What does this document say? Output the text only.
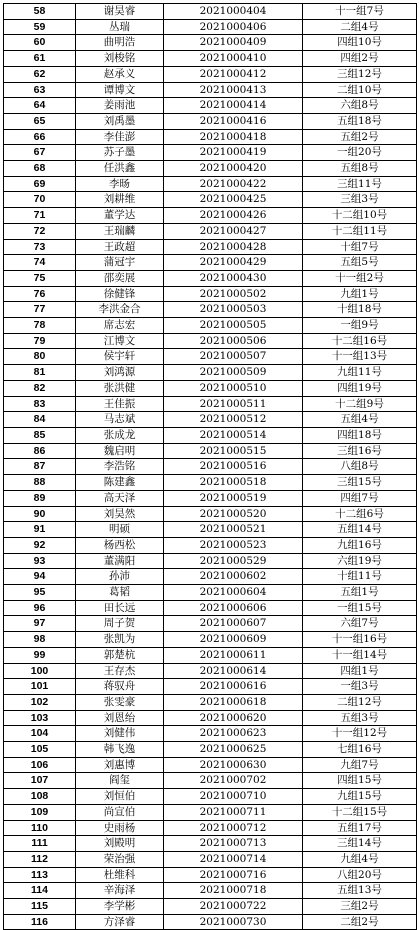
58	谢昊睿	2021000404	十一组7号
59	丛瑞	2021000406	二组4号
60	曲明浩	2021000409	四组10号
61	刘梭铭	2021000410	四组2号
62	赵承义	2021000412	三组12号
63	谭博文	2021000413	二组10号
64	姜雨池	2021000414	六组8号
65	刘禹墨	2021000416	五组18号
66	李佳澎	2021000418	五组2号
67	苏子墨	2021000419	一组20号
68	任洪鑫	2021000420	五组8号
69	李旸	2021000422	三组11号
70	刘耕维	2021000425	三组3号
71	董学达	2021000426	十二组10号
72	王瑞麟	2021000427	十二组11号
73	王政超	2021000428	十组7号
74	蒲冠宇	2021000429	五组5号
75	邵奕展	2021000430	十一组2号
76	徐健锋	2021000502	九组1号
77	李洪金合	2021000503	十组18号
78	席志宏	2021000505	一组9号
79	江博文	2021000506	十二组16号
80	侯宇轩	2021000507	十一组13号
81	刘鸿源	2021000509	九组11号
82	张洪健	2021000510	四组19号
83	王佳振	2021000511	十二组9号
84	马志斌	2021000512	五组4号
85	张成龙	2021000514	四组18号
86	魏启明	2021000515	三组16号
87	李浩铭	2021000516	八组8号
88	陈建鑫	2021000518	三组15号
89	高天泽	2021000519	四组7号
90	刘昊然	2021000520	十二组6号
91	明硕	2021000521	五组14号
92	杨西松	2021000523	九组16号
93	董满阳	2021000529	六组19号
94	孙沛	2021000602	十组11号
95	葛韬	2021000604	五组1号
96	田长远	2021000606	一组15号
97	周子贺	2021000607	六组7号
98	张凯为	2021000609	十一组16号
99	郭楚杭	2021000611	十一组14号
100	王存杰	2021000614	四组1号
101	蒋驭舟	2021000616	一组3号
102	张雯豪	2021000618	二组12号
103	刘恩绐	2021000620	五组3号
104	刘健伟	2021000623	十一组12号
105	韩飞逸	2021000625	七组16号
106	刘惠博	2021000630	九组7号
107	阎玺	2021000702	四组15号
108	刘恒伯	2021000710	九组15号
109	尚宣伯	2021000711	十二组15号
110	史雨杨	2021000712	五组17号
111	刘殿明	2021000713	三组14号
112	荣治强	2021000714	九组4号
113	杜维科	2021000716	八组20号
114	辛海泽	2021000718	五组13号
115	李学彬	2021000722	三组2号
116	方泽睿	2021000730	二组2号
